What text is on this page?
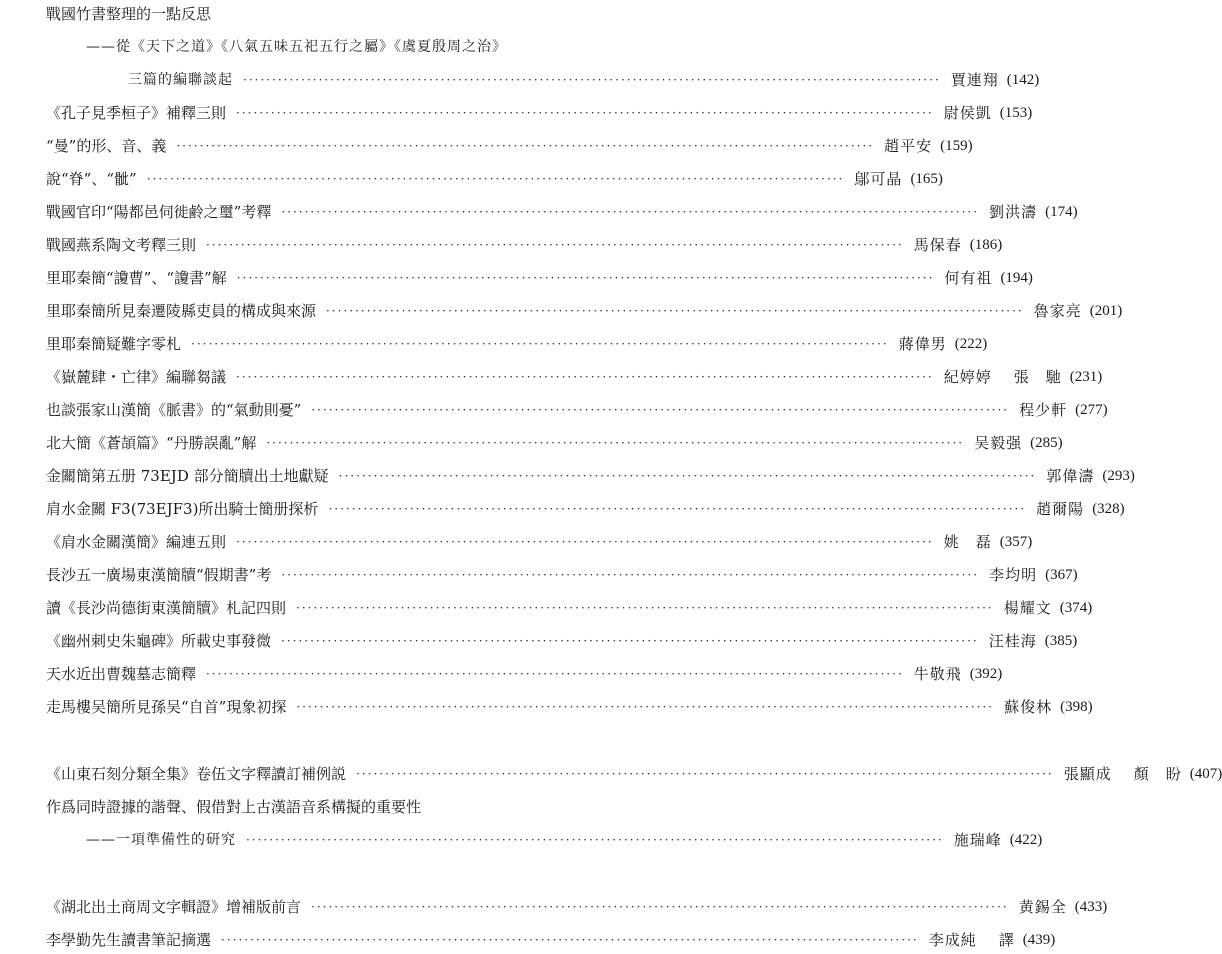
戰國竹書整理的一點反思
——從《天下之道》《八氣五味五祀五行之屬》《虞夏殷周之治》
三篇的編聯談起 ························································································································ 賈連翔 (142)
《孔子見季桓子》補釋三則 ························································································································ 尉侯凱 (153)
“曼”的形、音、義 ························································································································ 趙平安 (159)
說“脊”、“骴” ························································································································ 鄔可晶 (165)
戰國官印“陽都邑伺徙鹷之璽”考釋 ························································································································ 劉洪濤 (174)
戰國燕系陶文考釋三則 ························································································································ 馬保春 (186)
里耶秦簡“讂曹”、“讂書”解 ························································································································ 何有祖 (194)
里耶秦簡所見秦遷陵縣吏員的構成與來源 ························································································································ 魯家亮 (201)
里耶秦簡疑難字零札 ························································································································ 蔣偉男 (222)
《嶽麓肆・亡律》編聯芻議 ························································································································ 紀婷婷 張　馳 (231)
也談張家山漢簡《脈書》的“氣動則憂” ························································································································ 程少軒 (277)
北大簡《蒼頡篇》“丹勝誤亂”解 ························································································································ 吴毅强 (285)
金關簡第五册 73EJD 部分簡牘出土地獻疑 ························································································································ 郭偉濤 (293)
肩水金關 F3(73EJF3)所出騎士簡册探析 ························································································································ 趙爾陽 (328)
《肩水金關漢簡》編連五則 ························································································································ 姚　磊 (357)
長沙五一廣場東漢簡牘“假期書”考 ························································································································ 李均明 (367)
讀《長沙尚德街東漢簡牘》札記四則 ························································································································ 楊耀文 (374)
《幽州刺史朱龜碑》所載史事發微 ························································································································ 汪桂海 (385)
天水近出曹魏墓志簡釋 ························································································································ 牛敬飛 (392)
走馬樓吴簡所見孫吴“自首”現象初探 ························································································································ 蘇俊林 (398)
《山東石刻分類全集》卷伍文字釋讀訂補例説 ························································································································ 張顯成 顏　盼 (407)
作爲同時證據的諧聲、假借對上古漢語音系構擬的重要性
——一項準備性的研究 ························································································································ 施瑞峰 (422)
《湖北出土商周文字輯證》增補版前言 ························································································································ 黄錫全 (433)
李學勤先生讀書筆記摘選 ························································································································ 李成純 譯 (439)
